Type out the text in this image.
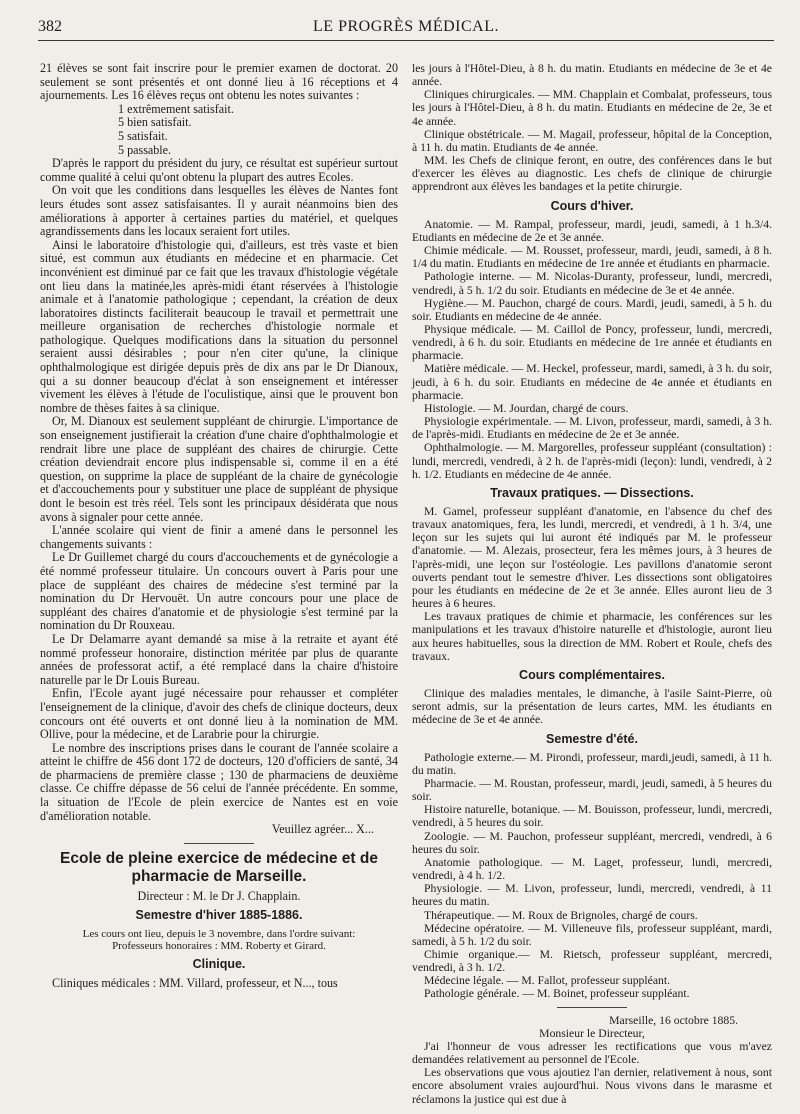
382	LE PROGRÈS MÉDICAL.

21 élèves se sont fait inscrire pour le premier examen de doctorat. 20 seulement se sont présentés et ont donné lieu à 16 réceptions et 4 ajournements. Les 16 élèves reçus ont obtenu les notes suivantes :

1 extrêmement satisfait.
5 bien satisfait.
5 satisfait.
5 passable.

D'après le rapport du président du jury, ce résultat est supérieur surtout comme qualité à celui qu'ont obtenu la plupart des autres Ecoles.

On voit que les conditions dans lesquelles les élèves de Nantes font leurs études sont assez satisfaisantes. Il y aurait néanmoins bien des améliorations à apporter à certaines parties du matériel, et quelques agrandissements dans les locaux seraient fort utiles.

Ainsi le laboratoire d'histologie qui, d'ailleurs, est très vaste et bien situé, est commun aux étudiants en médecine et en pharmacie. Cet inconvénient est diminué par ce fait que les travaux d'histologie végétale ont lieu dans la matinée,les après-midi étant réservées à l'histologie animale et à l'anatomie pathologique ; cependant, la création de deux laboratoires distincts faciliterait beaucoup le travail et permettrait une meilleure organisation de recherches d'histologie normale et pathologique. Quelques modifications dans la situation du personnel seraient aussi désirables ; pour n'en citer qu'une, la clinique ophthalmologique est dirigée depuis près de dix ans par le Dr Dianoux, qui a su donner beaucoup d'éclat à son enseignement et intéresser vivement les élèves à l'étude de l'oculistique, ainsi que le prouvent bon nombre de thèses faites à sa clinique.

Or, M. Dianoux est seulement suppléant de chirurgie. L'importance de son enseignement justifierait la création d'une chaire d'ophthalmologie et rendrait libre une place de suppléant des chaires de chirurgie. Cette création deviendrait encore plus indispensable si, comme il en a été question, on supprime la place de suppléant de la chaire de gynécologie et d'accouchements pour y substituer une place de suppléant de physique dont le besoin est très réel. Tels sont les principaux désidérata que nous avons à signaler pour cette année.

L'année scolaire qui vient de finir a amené dans le personnel les changements suivants :

Le Dr Guillemet chargé du cours d'accouchements et de gynécologie a été nommé professeur titulaire. Un concours ouvert à Paris pour une place de suppléant des chaires de médecine s'est terminé par la nomination du Dr Hervouët. Un autre concours pour une place de suppléant des chaires d'anatomie et de physiologie s'est terminé par la nomination du Dr Rouxeau.

Le Dr Delamarre ayant demandé sa mise à la retraite et ayant été nommé professeur honoraire, distinction méritée par plus de quarante années de professorat actif, a été remplacé dans la chaire d'histoire naturelle par le Dr Louis Bureau.

Enfin, l'Ecole ayant jugé nécessaire pour rehausser et compléter l'enseignement de la clinique, d'avoir des chefs de clinique docteurs, deux concours ont été ouverts et ont donné lieu à la nomination de MM. Ollive, pour la médecine, et de Larabrie pour la chirurgie.

Le nombre des inscriptions prises dans le courant de l'année scolaire a atteint le chiffre de 456 dont 172 de docteurs, 120 d'officiers de santé, 34 de pharmaciens de première classe ; 130 de pharmaciens de deuxième classe. Ce chiffre dépasse de 56 celui de l'année précédente. En somme, la situation de l'Ecole de plein exercice de Nantes est en voie d'amélioration notable.

Veuillez agréer... X...

Ecole de pleine exercice de médecine et de pharmacie de Marseille.
Directeur : M. le Dr J. Chapplain.
Semestre d'hiver 1885-1886.
Les cours ont lieu, depuis le 3 novembre, dans l'ordre suivant:
Professeurs honoraires : MM. Roberty et Girard.
Clinique.

Cliniques médicales : MM. Villard, professeur, et N..., tous

les jours à l'Hôtel-Dieu, à 8 h. du matin. Etudiants en médecine de 3e et 4e année.

Cliniques chirurgicales. — MM. Chapplain et Combalat, professeurs, tous les jours à l'Hôtel-Dieu, à 8 h. du matin. Etudiants en médecine de 2e, 3e et 4e année.

Clinique obstétricale. — M. Magail, professeur, hôpital de la Conception, à 11 h. du matin. Etudiants de 4e année.

MM. les Chefs de clinique feront, en outre, des conférences dans le but d'exercer les élèves au diagnostic. Les chefs de clinique de chirurgie apprendront aux élèves les bandages et la petite chirurgie.

Cours d'hiver.

Anatomie. — M. Rampal, professeur, mardi, jeudi, samedi, à 1 h.3/4. Etudiants en médecine de 2e et 3e année.

Chimie médicale. — M. Rousset, professeur, mardi, jeudi, samedi, à 8 h. 1/4 du matin. Etudiants en médecine de 1re année et étudiants en pharmacie.

Pathologie interne. — M. Nicolas-Duranty, professeur, lundi, mercredi, vendredi, à 5 h. 1/2 du soir. Etudiants en médecine de 3e et 4e année.

Hygiène.— M. Pauchon, chargé de cours. Mardi, jeudi, samedi, à 5 h. du soir. Etudiants en médecine de 4e année.

Physique médicale. — M. Caillol de Poncy, professeur, lundi, mercredi, vendredi, à 6 h. du soir. Etudiants en médecine de 1re année et étudiants en pharmacie.

Matière médicale. — M. Heckel, professeur, mardi, samedi, à 3 h. du soir, jeudi, à 6 h. du soir. Etudiants en médecine de 4e année et étudiants en pharmacie.

Histologie. — M. Jourdan, chargé de cours.

Physiologie expérimentale. — M. Livon, professeur, mardi, samedi, à 3 h. de l'après-midi. Etudiants en médecine de 2e et 3e année.

Ophthalmologie. — M. Margorelles, professeur suppléant (consultation) : lundi, mercredi, vendredi, à 2 h. de l'après-midi (leçon): lundi, vendredi, à 2 h. 1/2. Etudiants en médecine de 4e année.

Travaux pratiques. — Dissections.

M. Gamel, professeur suppléant d'anatomie, en l'absence du chef des travaux anatomiques, fera, les lundi, mercredi, et vendredi, à 1 h. 3/4, une leçon sur les sujets qui lui auront été indiqués par M. le professeur d'anatomie. — M. Alezais, prosecteur, fera les mêmes jours, à 3 heures de l'après-midi, une leçon sur l'ostéologie. Les pavillons d'anatomie seront ouverts pendant tout le semestre d'hiver. Les dissections sont obligatoires pour les étudiants en médecine de 2e et 3e année. Elles auront lieu de 3 heures à 6 heures.

Les travaux pratiques de chimie et pharmacie, les conférences sur les manipulations et les travaux d'histoire naturelle et d'histologie, auront lieu aux heures habituelles, sous la direction de MM. Robert et Roule, chefs des travaux.

Cours complémentaires.

Clinique des maladies mentales, le dimanche, à l'asile Saint-Pierre, où seront admis, sur la présentation de leurs cartes, MM. les étudiants en médecine de 3e et 4e année.

Semestre d'été.

Pathologie externe.— M. Pirondi, professeur, mardi,jeudi, samedi, à 11 h. du matin.

Pharmacie. — M. Roustan, professeur, mardi, jeudi, samedi, à 5 heures du soir.

Histoire naturelle, botanique. — M. Bouisson, professeur, lundi, mercredi, vendredi, à 5 heures du soir.

Zoologie. — M. Pauchon, professeur suppléant, mercredi, vendredi, à 6 heures du soir.

Anatomie pathologique. — M. Laget, professeur, lundi, mercredi, vendredi, à 4 h. 1/2.

Physiologie. — M. Livon, professeur, lundi, mercredi, vendredi, à 11 heures du matin.

Thérapeutique. — M. Roux de Brignoles, chargé de cours.

Médecine opératoire. — M. Villeneuve fils, professeur suppléant, mardi, samedi, à 5 h. 1/2 du soir.

Chimie organique.— M. Rietsch, professeur suppléant, mercredi, vendredi, à 3 h. 1/2.

Médecine légale. — M. Fallot, professeur suppléant.

Pathologie générale. — M. Boinet, professeur suppléant.

Marseille, 16 octobre 1885.
Monsieur le Directeur,

J'ai l'honneur de vous adresser les rectifications que vous m'avez demandées relativement au personnel de l'Ecole.

Les observations que vous ajoutiez l'an dernier, relativement à nous, sont encore absolument vraies aujourd'hui. Nous vivons dans le marasme et réclamons la justice qui est due à
